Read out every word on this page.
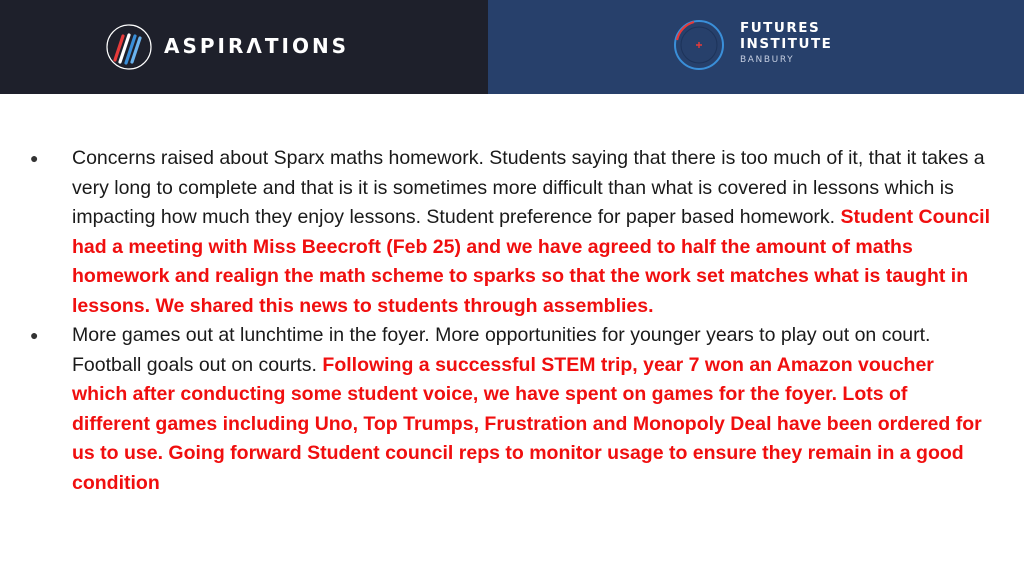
ASPIRΛTIONS
FUTURES
INSTITUTE
BANBURY
● Concerns raised about Sparx maths homework. Students saying that there is too much of it, that it takes a very long to complete and that is it is sometimes more difficult than what is covered in lessons which is impacting how much they enjoy lessons. Student preference for paper based homework. Student Council had a meeting with Miss Beecroft (Feb 25) and we have agreed to half the amount of maths homework and realign the math scheme to sparks so that the work set matches what is taught in lessons. We shared this news to students through assemblies.
● More games out at lunchtime in the foyer. More opportunities for younger years to play out on court. Football goals out on courts. Following a successful STEM trip, year 7 won an Amazon voucher which after conducting some student voice, we have spent on games for the foyer. Lots of different games including Uno, Top Trumps, Frustration and Monopoly Deal have been ordered for us to use. Going forward Student council reps to monitor usage to ensure they remain in a good condition
